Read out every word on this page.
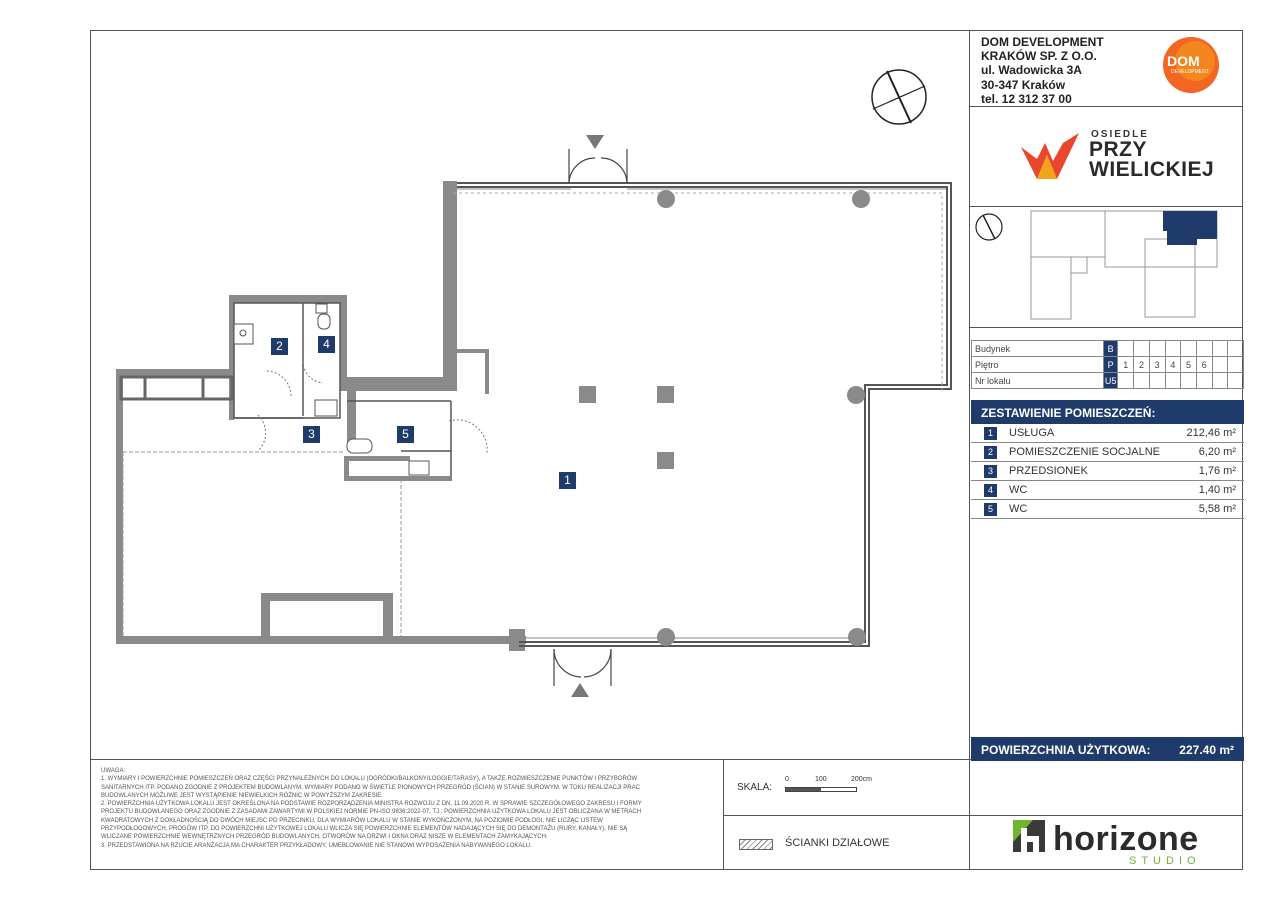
2	4
3	5
1
DOM DEVELOPMENT
KRAKÓW SP. Z O.O.
ul. Wadowicka 3A
30-347 Kraków
tel. 12 312 37 00
DOM
DEVELOPMENT
OSIEDLE
PRZY
WIELICKIEJ
Budynek	B								
Piętro	P	1	2	3	4	5	6		
Nr lokalu	U5								
ZESTAWIENIE POMIESZCZEŃ:
1	USŁUGA	212,46 m²
2	POMIESZCZENIE SOCJALNE	6,20 m²
3	PRZEDSIONEK	1,76 m²
4	WC	1,40 m²
5	WC	5,58 m²
POWIERZCHNIA UŻYTKOWA: 227.40 m²
UWAGA:
1. WYMIARY I POWIERZCHNIE POMIESZCZEŃ ORAZ CZĘŚCI PRZYNALEŻNYCH DO LOKALU (OGRÓDKI/BALKONY/LOGGIE/TARASY), A TAKŻE ROZMIESZCZENIE PUNKTÓW I PRZYBORÓW
SANITARNYCH ITP. PODANO ZGODNIE Z PROJEKTEM BUDOWLANYM. WYMIARY PODANO W ŚWIETLE PIONOWYCH PRZEGRÓD (ŚCIAN) W STANIE SUROWYM. W TOKU REALIZACJI PRAC
BUDOWLANYCH MOŻLIWE JEST WYSTĄPIENIE NIEWIELKICH RÓŻNIC W POWYŻSZYM ZAKRESIE.
2. POWIERZCHNIA UŻYTKOWA LOKALU JEST OKREŚLONA NA PODSTAWIE ROZPORZĄDZENIA MINISTRA ROZWOJU Z DN. 11.09.2020 R. W SPRAWIE SZCZEGÓŁOWEGO ZAKRESU I FORMY
PROJEKTU BUDOWLANEGO ORAZ ZGODNIE Z ZASADAMI ZAWARTYMI W POLSKIEJ NORMIE PN-ISO 9836:2022-07, TJ.: POWIERZCHNIA UŻYTKOWA LOKALU JEST OBLICZANA W METRACH
KWADRATOWYCH Z DOKŁADNOŚCIĄ DO DWÓCH MIEJSC PO PRZECINKU, DLA WYMIARÓW LOKALU W STANIE WYKOŃCZONYM, NA POZIOMIE PODŁOGI, NIE LICZĄC LISTEW
PRZYPODŁOGOWYCH, PROGÓW ITP. DO POWIERZCHNI UŻYTKOWEJ LOKALU WLICZA SIĘ POWIERZCHNIE ELEMENTÓW NADAJĄCYCH SIĘ DO DEMONTAŻU (RURY, KANAŁY), NIE SĄ
WLICZANE POWIERZCHNIE WEWNĘTRZNYCH PRZEGRÓD BUDOWLANYCH, OTWORÓW NA DRZWI I OKNA ORAZ NISZE W ELEMENTACH ZAMYKAJĄCYCH.
3. PRZEDSTAWIONA NA RZUCIE ARANŻACJA MA CHARAKTER PRZYKŁADOWY, UMEBLOWANIE NIE STANOWI WYPOSAŻENIA NABYWANEGO LOKALU.
SKALA:
0	100	200cm
ŚCIANKI DZIAŁOWE	horizone
STUDIO
